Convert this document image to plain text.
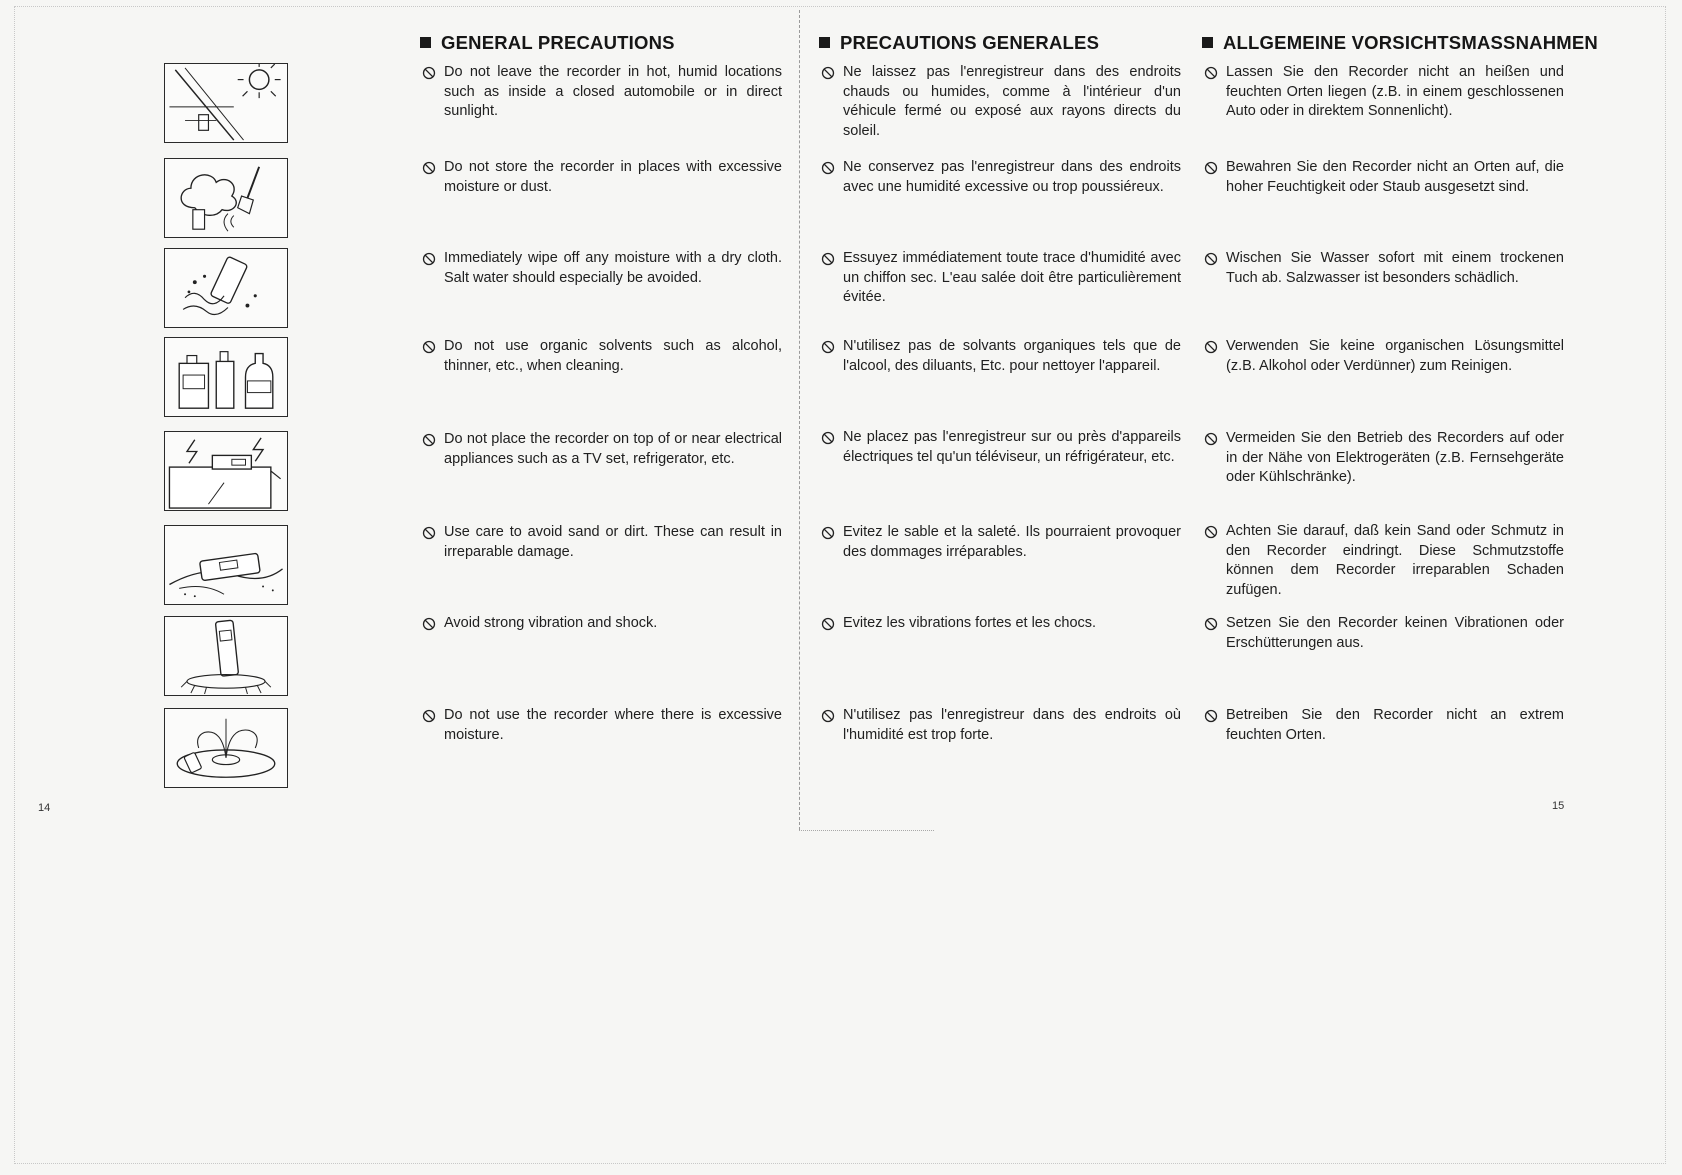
GENERAL PRECAUTIONS	PRECAUTIONS GENERALES	ALLGEMEINE VORSICHTSMASSNAHMEN
Do not leave the recorder in hot, humid locations such as inside a closed automobile or in direct sunlight.
Do not store the recorder in places with excessive moisture or dust.
Immediately wipe off any moisture with a dry cloth. Salt water should especially be avoided.
Do not use organic solvents such as alcohol, thinner, etc., when cleaning.
Do not place the recorder on top of or near electrical appliances such as a TV set, refrigerator, etc.
Use care to avoid sand or dirt. These can result in irreparable damage.
Avoid strong vibration and shock.
Do not use the recorder where there is excessive moisture.
Ne laissez pas l'enregistreur dans des endroits chauds ou humides, comme à l'intérieur d'un véhicule fermé ou exposé aux rayons directs du soleil.
Ne conservez pas l'enregistreur dans des endroits avec une humidité excessive ou trop poussiéreux.
Essuyez immédiatement toute trace d'humidité avec un chiffon sec. L'eau salée doit être particulièrement évitée.
N'utilisez pas de solvants organiques tels que de l'alcool, des diluants, Etc. pour nettoyer l'appareil.
Ne placez pas l'enregistreur sur ou près d'appareils électriques tel qu'un téléviseur, un réfrigérateur, etc.
Evitez le sable et la saleté. Ils pourraient provoquer des dommages irréparables.
Evitez les vibrations fortes et les chocs.
N'utilisez pas l'enregistreur dans des endroits où l'humidité est trop forte.
Lassen Sie den Recorder nicht an heißen und feuchten Orten liegen (z.B. in einem geschlossenen Auto oder in direktem Sonnenlicht).
Bewahren Sie den Recorder nicht an Orten auf, die hoher Feuchtigkeit oder Staub ausgesetzt sind.
Wischen Sie Wasser sofort mit einem trockenen Tuch ab. Salzwasser ist besonders schädlich.
Verwenden Sie keine organischen Lösungsmittel (z.B. Alkohol oder Verdünner) zum Reinigen.
Vermeiden Sie den Betrieb des Recorders auf oder in der Nähe von Elektrogeräten (z.B. Fernsehgeräte oder Kühlschränke).
Achten Sie darauf, daß kein Sand oder Schmutz in den Recorder eindringt. Diese Schmutzstoffe können dem Recorder irreparablen Schaden zufügen.
Setzen Sie den Recorder keinen Vibrationen oder Erschütterungen aus.
Betreiben Sie den Recorder nicht an extrem feuchten Orten.
14	15
